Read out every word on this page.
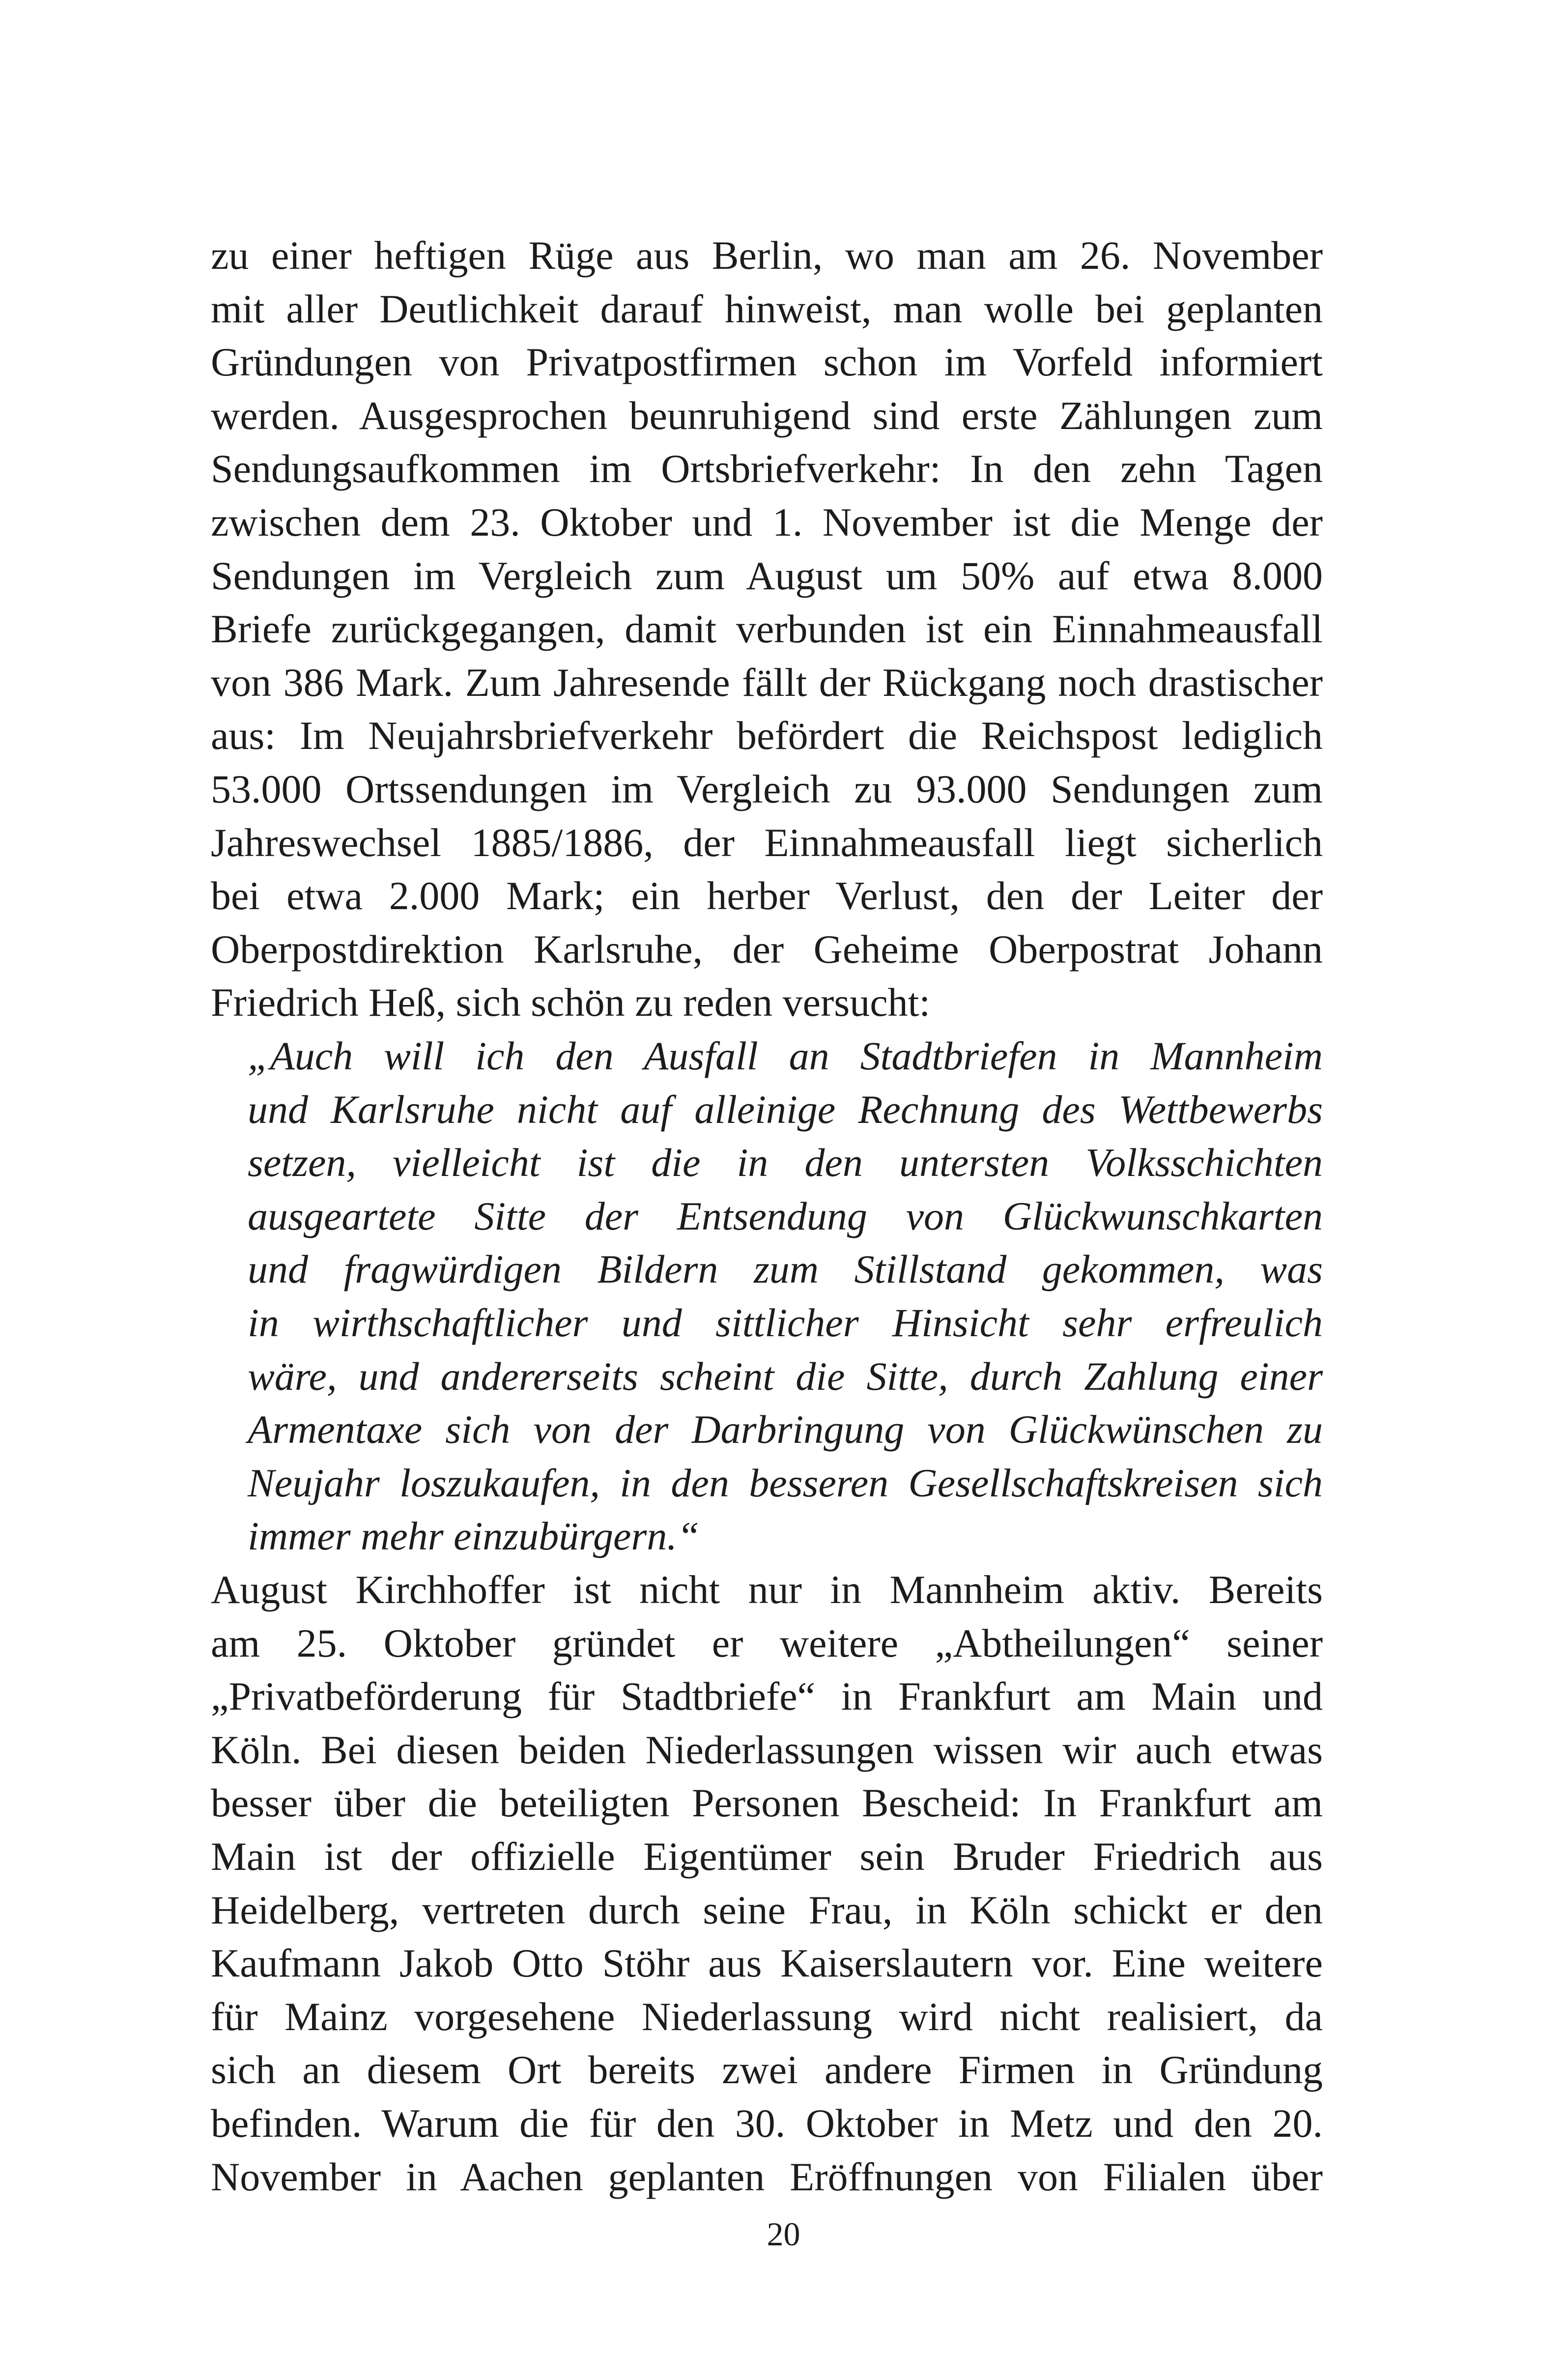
zu einer heftigen Rüge aus Berlin, wo man am 26. November
mit aller Deutlichkeit darauf hinweist, man wolle bei geplanten
Gründungen von Privatpostfirmen schon im Vorfeld informiert
werden. Ausgesprochen beunruhigend sind erste Zählungen zum
Sendungsaufkommen im Ortsbriefverkehr: In den zehn Tagen
zwischen dem 23. Oktober und 1. November ist die Menge der
Sendungen im Vergleich zum August um 50% auf etwa 8.000
Briefe zurückgegangen, damit verbunden ist ein Einnahmeausfall
von 386 Mark. Zum Jahresende fällt der Rückgang noch drastischer
aus: Im Neujahrsbriefverkehr befördert die Reichspost lediglich
53.000 Ortssendungen im Vergleich zu 93.000 Sendungen zum
Jahreswechsel 1885/1886, der Einnahmeausfall liegt sicherlich
bei etwa 2.000 Mark; ein herber Verlust, den der Leiter der
Oberpostdirektion Karlsruhe, der Geheime Oberpostrat Johann
Friedrich Heß, sich schön zu reden versucht:
„Auch will ich den Ausfall an Stadtbriefen in Mannheim
und Karlsruhe nicht auf alleinige Rechnung des Wettbewerbs
setzen, vielleicht ist die in den untersten Volksschichten
ausgeartete Sitte der Entsendung von Glückwunschkarten
und fragwürdigen Bildern zum Stillstand gekommen, was
in wirthschaftlicher und sittlicher Hinsicht sehr erfreulich
wäre, und andererseits scheint die Sitte, durch Zahlung einer
Armentaxe sich von der Darbringung von Glückwünschen zu
Neujahr loszukaufen, in den besseren Gesellschaftskreisen sich
immer mehr einzubürgern.“
August Kirchhoffer ist nicht nur in Mannheim aktiv. Bereits
am 25. Oktober gründet er weitere „Abtheilungen“ seiner
„Privatbeförderung für Stadtbriefe“ in Frankfurt am Main und
Köln. Bei diesen beiden Niederlassungen wissen wir auch etwas
besser über die beteiligten Personen Bescheid: In Frankfurt am
Main ist der offizielle Eigentümer sein Bruder Friedrich aus
Heidelberg, vertreten durch seine Frau, in Köln schickt er den
Kaufmann Jakob Otto Stöhr aus Kaiserslautern vor. Eine weitere
für Mainz vorgesehene Niederlassung wird nicht realisiert, da
sich an diesem Ort bereits zwei andere Firmen in Gründung
befinden. Warum die für den 30. Oktober in Metz und den 20.
November in Aachen geplanten Eröffnungen von Filialen über
20
